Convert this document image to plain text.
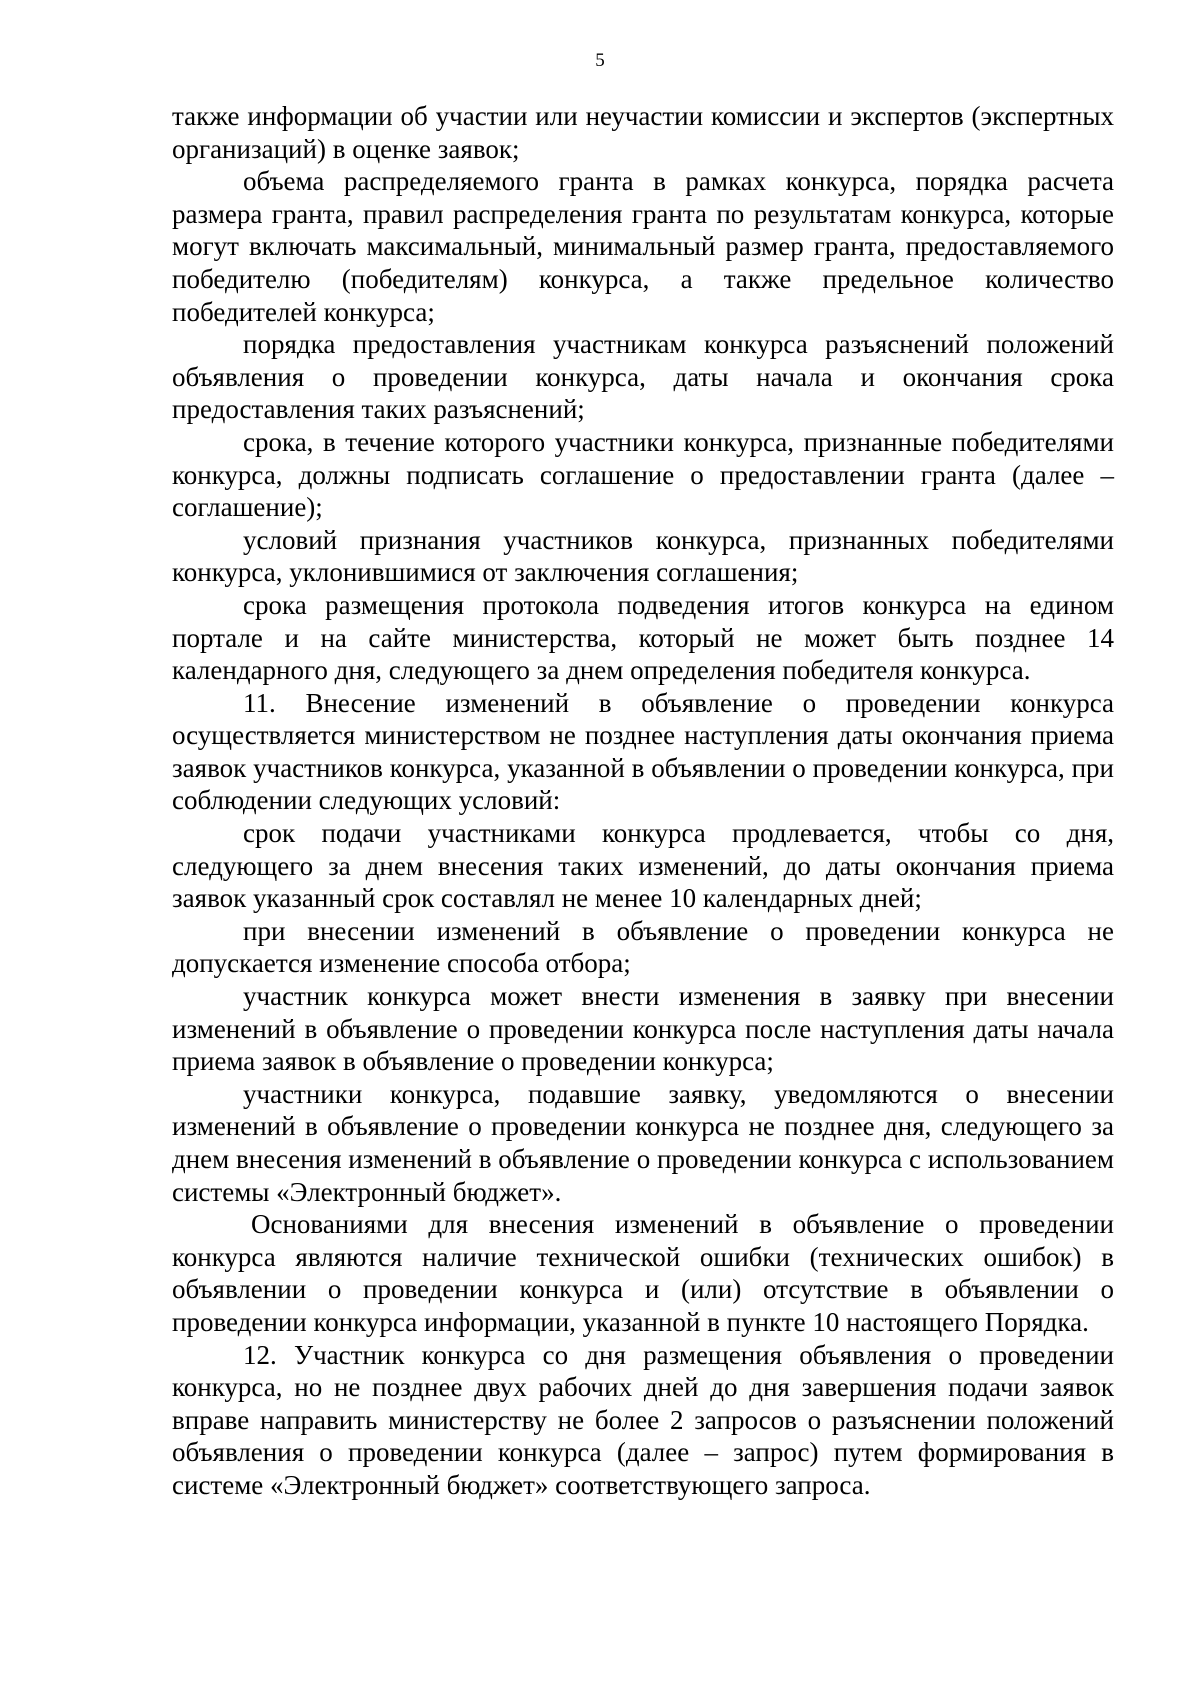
5

также информации об участии или неучастии комиссии и экспертов (экспертных организаций) в оценке заявок;

объема распределяемого гранта в рамках конкурса, порядка расчета размера гранта, правил распределения гранта по результатам конкурса, которые могут включать максимальный, минимальный размер гранта, предоставляемого победителю (победителям) конкурса, а также предельное количество победителей конкурса;

порядка предоставления участникам конкурса разъяснений положений объявления о проведении конкурса, даты начала и окончания срока предоставления таких разъяснений;

срока, в течение которого участники конкурса, признанные победителями конкурса, должны подписать соглашение о предоставлении гранта (далее – соглашение);

условий признания участников конкурса, признанных победителями конкурса, уклонившимися от заключения соглашения;

срока размещения протокола подведения итогов конкурса на едином портале и на сайте министерства, который не может быть позднее 14 календарного дня, следующего за днем определения победителя конкурса.

11. Внесение изменений в объявление о проведении конкурса осуществляется министерством не позднее наступления даты окончания приема заявок участников конкурса, указанной в объявлении о проведении конкурса, при соблюдении следующих условий:

срок подачи участниками конкурса продлевается, чтобы со дня, следующего за днем внесения таких изменений, до даты окончания приема заявок указанный срок составлял не менее 10 календарных дней;

при внесении изменений в объявление о проведении конкурса не допускается изменение способа отбора;

участник конкурса может внести изменения в заявку при внесении изменений в объявление о проведении конкурса после наступления даты начала приема заявок в объявление о проведении конкурса;

участники конкурса, подавшие заявку, уведомляются о внесении изменений в объявление о проведении конкурса не позднее дня, следующего за днем внесения изменений в объявление о проведении конкурса с использованием системы «Электронный бюджет».

Основаниями для внесения изменений в объявление о проведении конкурса являются наличие технической ошибки (технических ошибок) в объявлении о проведении конкурса и (или) отсутствие в объявлении о проведении конкурса информации, указанной в пункте 10 настоящего Порядка.

12. Участник конкурса со дня размещения объявления о проведении конкурса, но не позднее двух рабочих дней до дня завершения подачи заявок вправе направить министерству не более 2 запросов о разъяснении положений объявления о проведении конкурса (далее – запрос) путем формирования в системе «Электронный бюджет» соответствующего запроса.
